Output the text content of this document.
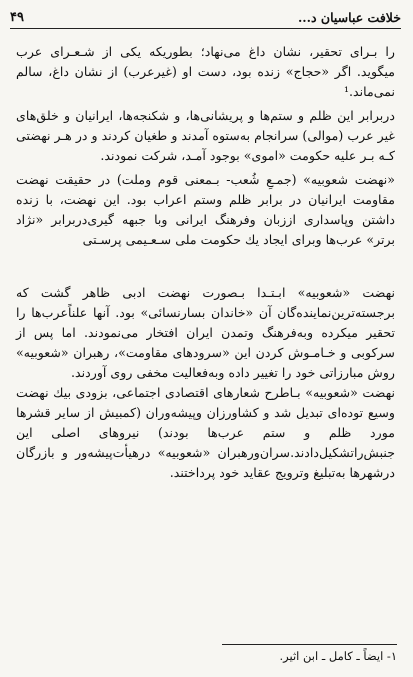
خلافت عباسیان د...
۴۹

را بـرای تحقیر، نشان داغ می‌نهاد؛ بطوریکه یکی از شـعـرای عرب میگوید. اگر «حجاج» زنده بود، دست او (غیرعرب) از نشان داغ، سالم نمی‌ماند.¹

دربرابر این ظلم و ستم‌ها و پریشانی‌ها، و شکنجه‌ها، ایرانیان و خلق‌های غیر عرب (موالی) سرانجام به‌ستوه آمدند و طغیان کردند و در هـر نهضتی کـه بـر علیه حکومت «اموی» بوجود آمـد، شرکت نمودند.

«نهضت شعوبیه» (جمـعِ شُعب- بـمعنی قوم وملت) در حقیقت نهضت مقاومت ایرانیان در برابر ظلم وستم اعراب بود. این نهضت، با زنده داشتن وپاسداری اززبان وفرهنگ ایرانی وبا جبهه گیری‌دربرابر «نژاد برتر» عرب‌ها وبرای ایجاد یك حکومت ملی سـعـیمی پرسـتی

نهضت «شعوبیه» ابـتـدا بـصورت نهضت ادبی ظاهر گشت که برجسته‌ترین‌نماینده‌گان آن «خاندان بسارنسائی» بود. آنها علناًعرب‌ها را تحقیر میکرده وبه‌فرهنگ وتمدن ایران افتخار می‌نمودند. اما پس از سرکوبی و خـامـوش کردن این «سرودهای مقاومت»، رهبران «شعوبیه» روش مبارزاتی خود را تغییر داده وبه‌فعالیت مخفی روی آوردند.

نهضت «شعوبیه» بـاطرح شعارهای اقتصادی اجتماعی، بزودی بیك نهضت وسیع توده‌ای تبدیل شد و کشاورزان وپیشه‌وران (کمبیش از سایر قشرها مورد ظلم و ستم عرب‌ها بودند) نیروهای اصلی این جنبش‌راتشکیل‌دادند.سران‌ورهبران «شعوبیه» درهیأت‌پیشه‌ور و بازرگان درشهرها به‌تبلیغ وترویج عقاید خود پرداختند.

۱- ایضاً ـ کامل ـ ابن اثیر.
